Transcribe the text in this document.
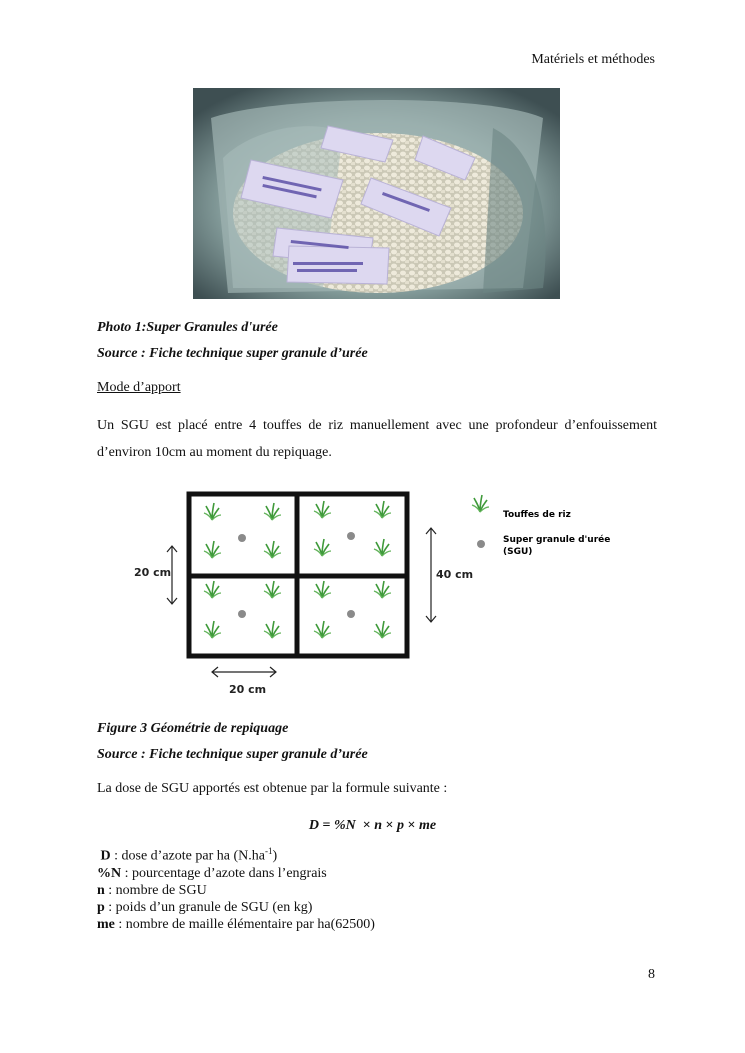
Matériels et méthodes
Photo 1:Super Granules d'urée
Source : Fiche technique super granule d’urée
Mode d’apport
Un SGU est placé entre 4 touffes de riz manuellement avec une profondeur d’enfouissement d’environ 10cm au moment du repiquage.
20 cm	40 cm
20 cm
Touffes de riz
Super granule d'urée
(SGU)
Figure 3 Géométrie de repiquage
Source : Fiche technique super granule d’urée
La dose de SGU apportés est obtenue par la formule suivante :
D = %N × n × p × me
D : dose d’azote par ha $(N.ha^{-1})$
%N : pourcentage d’azote dans l’engrais
n : nombre de SGU
p : poids d’un granule de SGU (en kg)
me : nombre de maille élémentaire par ha(62500)
8
